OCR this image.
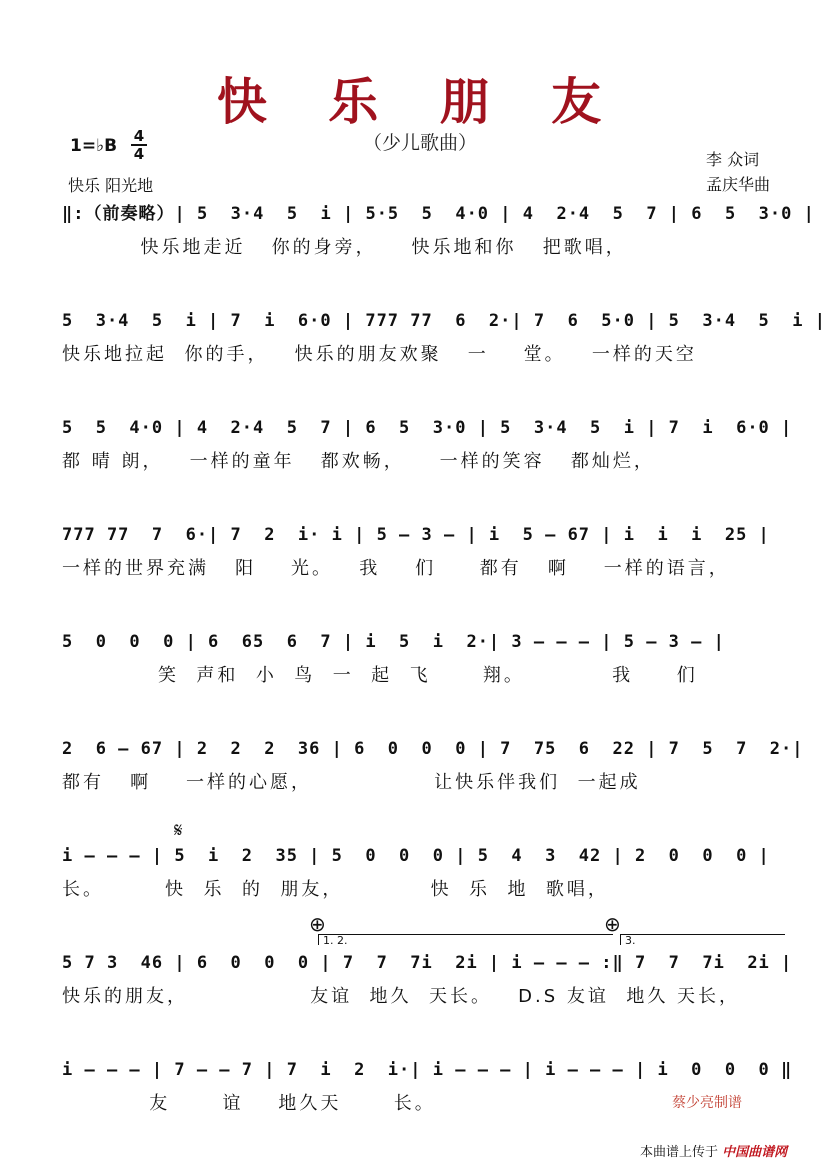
快 乐 朋 友
（少儿歌曲）
1=♭B	4
4
快乐 阳光地
李 众词
孟庆华曲
‖:（前奏略）| 5  3·4  5  i | 5·5  5  4·0 | 4  2·4  5  7 | 6  5  3·0 |
快乐地走近   你的身旁，    快乐地和你   把歌唱，
5  3·4  5  i | 7  i  6·0 | 777 77  6  2·| 7  6  5·0 | 5  3·4  5  i |
快乐地拉起  你的手，   快乐的朋友欢聚   一    堂。   一样的天空
5  5  4·0 | 4  2·4  5  7 | 6  5  3·0 | 5  3·4  5  i | 7  i  6·0 |
都 晴 朗，   一样的童年   都欢畅，    一样的笑容   都灿烂，
777 77  7  6·| 7  2  i· i | 5 – 3 – | i  5 – 67 | i  i  i  25 |
一样的世界充满   阳    光。   我    们     都有   啊    一样的语言，
5  0  0  0 | 6  65  6  7 | i  5  i  2·| 3 – – – | 5 – 3 – |
笑  声和  小  鸟  一  起  飞      翔。          我     们
2  6 – 67 | 2  2  2  36 | 6  0  0  0 | 7  75  6  22 | 7  5  7  2·|
都有   啊    一样的心愿，              让快乐伴我们  一起成
i – – – | 5  i  2  35 | 5  0  0  0 | 5  4  3  42 | 2  0  0  0 |
长。       快  乐  的  朋友，          快  乐  地  歌唱，
5 7 3  46 | 6  0  0  0 | 7  7  7i  2i | i – – – :‖ 7  7  7i  2i |
快乐的朋友，              友谊  地久  天长。   D.S 友谊  地久 天长，
i – – – | 7 – – 7 | 7  i  2  i·| i – – – | i – – – | i  0  0  0 ‖
友      谊    地久天      长。
𝄋
⊕	⊕
1. 2.	3.
蔡少亮制谱
本曲谱上传于 中国曲谱网
